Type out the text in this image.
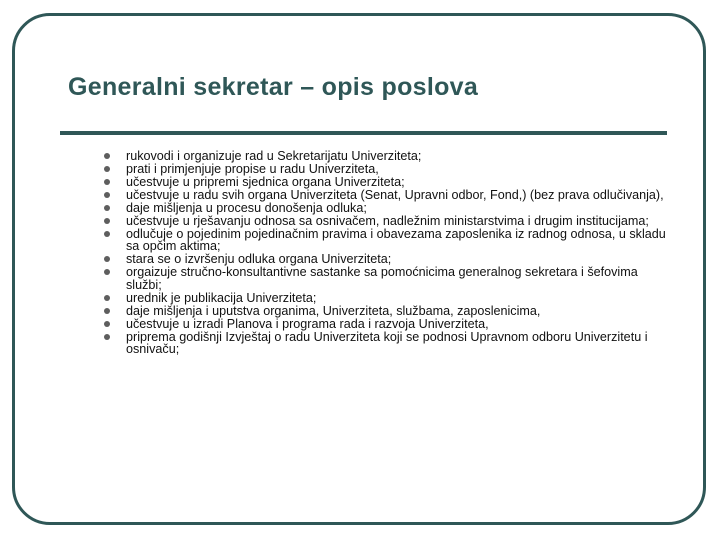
Generalni sekretar – opis poslova
rukovodi i organizuje rad u Sekretarijatu Univerziteta;
prati i primjenjuje propise u radu Univerziteta,
učestvuje u pripremi sjednica organa Univerziteta;
učestvuje u radu svih organa Univerziteta (Senat, Upravni odbor, Fond,) (bez prava odlučivanja),
daje mišljenja u procesu donošenja odluka;
učestvuje u rješavanju odnosa sa osnivačem, nadležnim ministarstvima i drugim institucijama;
odlučuje o pojedinim pojedinačnim pravima i obavezama zaposlenika iz radnog odnosa, u skladu sa opčim aktima;
stara se o izvršenju odluka organa Univerziteta;
orgaizuje stručno-konsultantivne sastanke sa pomoćnicima generalnog sekretara i šefovima službi;
urednik je publikacija Univerziteta;
daje mišljenja i uputstva organima, Univerziteta, službama, zaposlenicima,
učestvuje u izradi Planova i programa rada i razvoja Univerziteta,
priprema godišnji Izvještaj o radu Univerziteta koji se podnosi Upravnom odboru Univerzitetu i osnivaču;
